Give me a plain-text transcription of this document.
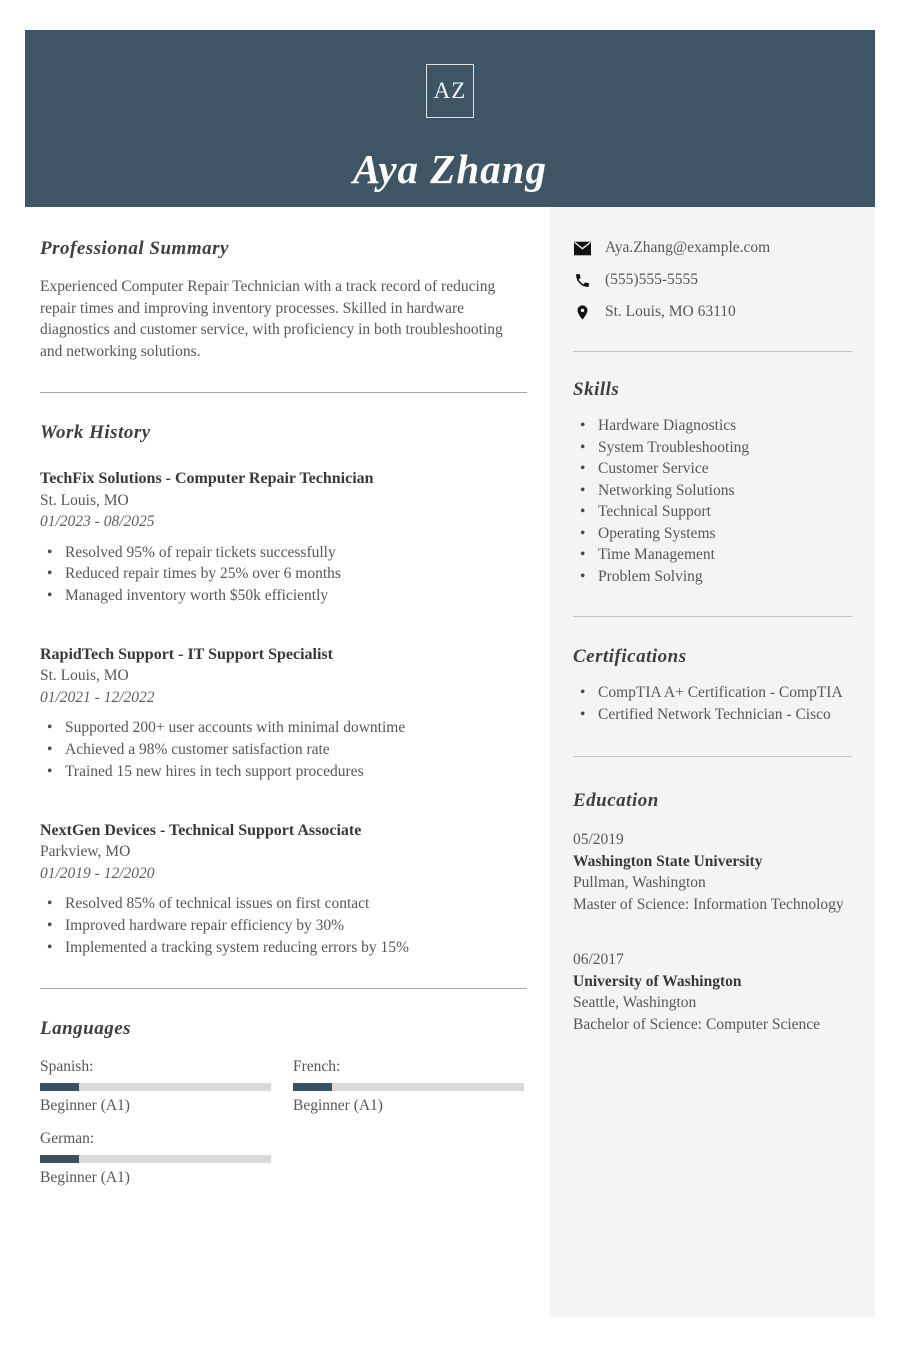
AZ
Aya Zhang
Professional Summary

Experienced Computer Repair Technician with a track record of reducing repair times and improving inventory processes. Skilled in hardware diagnostics and customer service, with proficiency in both troubleshooting and networking solutions.

Work History
TechFix Solutions - Computer Repair Technician
St. Louis, MO
01/2023 - 08/2025
• Resolved 95% of repair tickets successfully
• Reduced repair times by 25% over 6 months
• Managed inventory worth $50k efficiently
RapidTech Support - IT Support Specialist
St. Louis, MO
01/2021 - 12/2022
• Supported 200+ user accounts with minimal downtime
• Achieved a 98% customer satisfaction rate
• Trained 15 new hires in tech support procedures
NextGen Devices - Technical Support Associate
Parkview, MO
01/2019 - 12/2020
• Resolved 85% of technical issues on first contact
• Improved hardware repair efficiency by 30%
• Implemented a tracking system reducing errors by 15%
Languages
Spanish:
Beginner (A1)
French:
Beginner (A1)
German:
Beginner (A1)
Aya.Zhang@example.com
(555)555-5555
St. Louis, MO 63110
Skills
• Hardware Diagnostics
• System Troubleshooting
• Customer Service
• Networking Solutions
• Technical Support
• Operating Systems
• Time Management
• Problem Solving
Certifications
• CompTIA A+ Certification - CompTIA
• Certified Network Technician - Cisco
Education
05/2019
Washington State University
Pullman, Washington
Master of Science: Information Technology
06/2017
University of Washington
Seattle, Washington
Bachelor of Science: Computer Science
